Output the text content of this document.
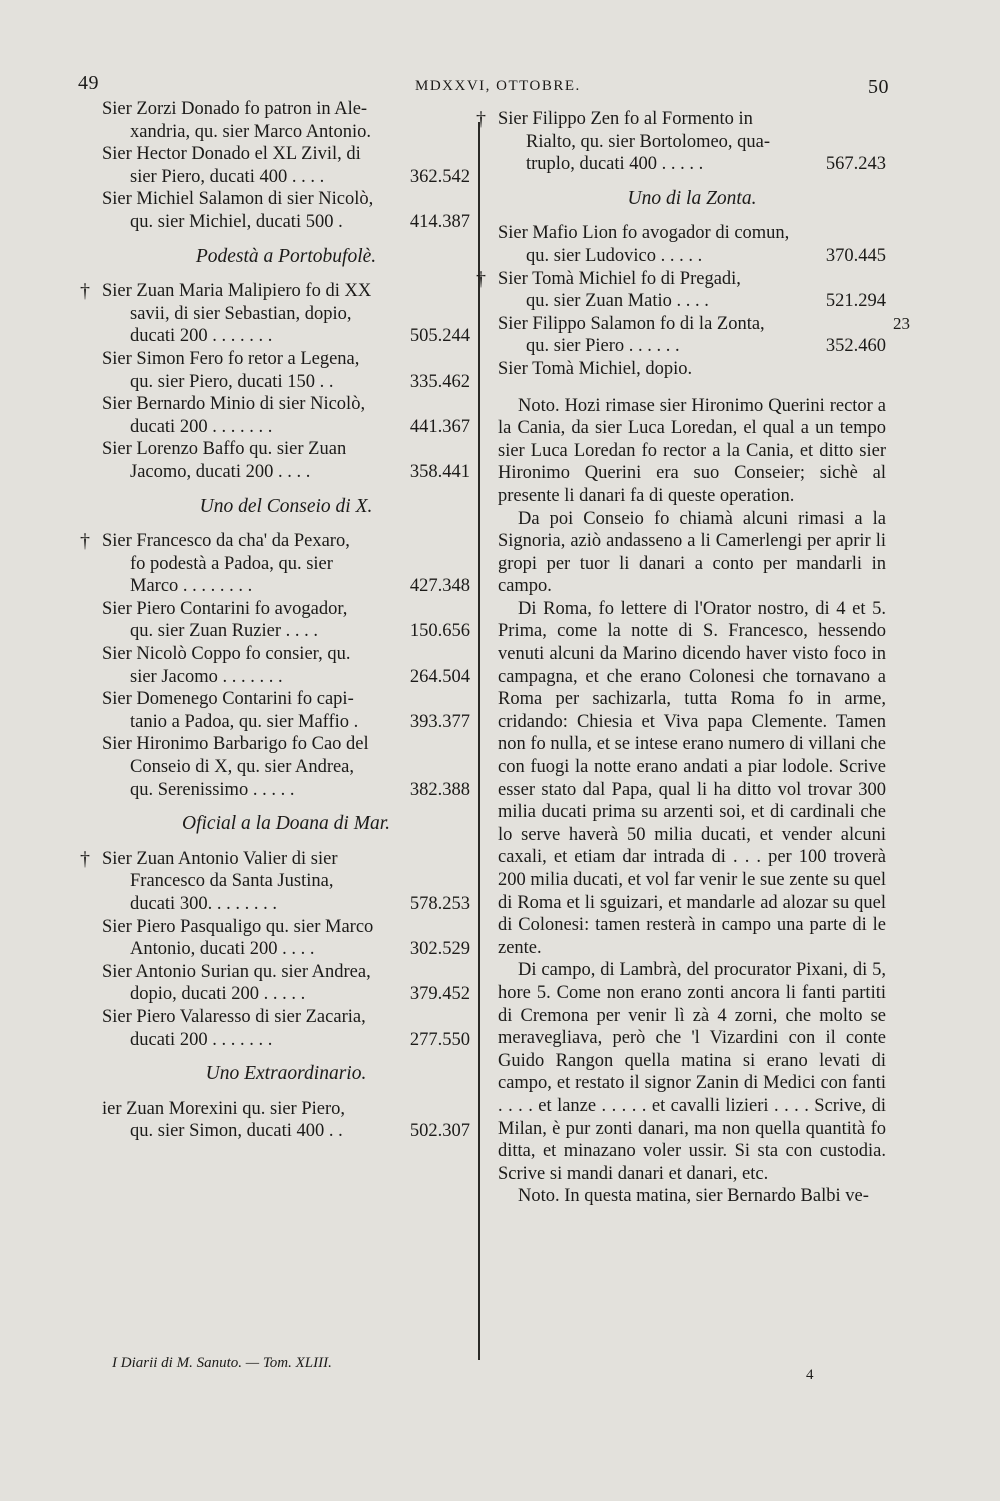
49	MDXXVI, OTTOBRE.	50
Sier Zorzi Donado fo patron in Ale-
xandria, qu. sier Marco Antonio.
Sier Hector Donado el XL Zivil, di
362.542
sier Piero, ducati 400 . . . .
Sier Michiel Salamon di sier Nicolò,
414.387
qu. sier Michiel, ducati 500 .

Podestà a Portobufolè.

† Sier Zuan Maria Malipiero fo di XX
savii, di sier Sebastian, dopio,
505.244
ducati 200 . . . . . . .
Sier Simon Fero fo retor a Legena,
335.462
qu. sier Piero, ducati 150 . .
Sier Bernardo Minio di sier Nicolò,
441.367
ducati 200 . . . . . . .
Sier Lorenzo Baffo qu. sier Zuan
358.441
Jacomo, ducati 200 . . . .

Uno del Conseio di X.

† Sier Francesco da cha' da Pexaro,
fo podestà a Padoa, qu. sier
427.348
Marco . . . . . . . .
Sier Piero Contarini fo avogador,
150.656
qu. sier Zuan Ruzier . . . .
Sier Nicolò Coppo fo consier, qu.
264.504
sier Jacomo . . . . . . .
Sier Domenego Contarini fo capi-
393.377
tanio a Padoa, qu. sier Maffio .
Sier Hironimo Barbarigo fo Cao del
Conseio di X, qu. sier Andrea,
382.388
qu. Serenissimo . . . . .

Oficial a la Doana di Mar.

† Sier Zuan Antonio Valier di sier
Francesco da Santa Justina,
578.253
ducati 300. . . . . . . .
Sier Piero Pasqualigo qu. sier Marco
302.529
Antonio, ducati 200 . . . .
Sier Antonio Surian qu. sier Andrea,
379.452
dopio, ducati 200 . . . . .
Sier Piero Valaresso di sier Zacaria,
277.550
ducati 200 . . . . . . .

Uno Extraordinario.

ier Zuan Morexini qu. sier Piero,
502.307
qu. sier Simon, ducati 400 . .
† Sier Filippo Zen fo al Formento in
Rialto, qu. sier Bortolomeo, qua-
567.243
truplo, ducati 400 . . . . .

Uno di la Zonta.

Sier Mafio Lion fo avogador di comun,
370.445
qu. sier Ludovico . . . . .
† Sier Tomà Michiel fo di Pregadi,
521.294
qu. sier Zuan Matio . . . .
Sier Filippo Salamon fo di la Zonta,
352.460
qu. sier Piero . . . . . .
Sier Tomà Michiel, dopio.

Noto. Hozi rimase sier Hironimo Querini rector a la Cania, da sier Luca Loredan, el qual a un tempo sier Luca Loredan fo rector a la Cania, et ditto sier Hironimo Querini era suo Conseier; sichè al presente li danari fa di queste operation.

Da poi Conseio fo chiamà alcuni rimasi a la Signoria, aziò andasseno a li Camerlengi per aprir li gropi per tuor li danari a conto per mandarli in campo.

Di Roma, fo lettere di l'Orator nostro, di 4 et 5. Prima, come la notte di S. Francesco, hessendo venuti alcuni da Marino dicendo haver visto foco in campagna, et che erano Colonesi che tornavano a Roma per sachizarla, tutta Roma fo in arme, cridando: Chiesia et Viva papa Clemente. Tamen non fo nulla, et se intese erano numero di villani che con fuogi la notte erano andati a piar lodole. Scrive esser stato dal Papa, qual li ha ditto vol trovar 300 milia ducati prima su arzenti soi, et di cardinali che lo serve haverà 50 milia ducati, et vender alcuni caxali, et etiam dar intrada di . . . per 100 troverà 200 milia ducati, et vol far venir le sue zente su quel di Roma et li sguizari, et mandarle ad alozar su quel di Colonesi: tamen resterà in campo una parte di le zente.

Di campo, di Lambrà, del procurator Pixani, di 5, hore 5. Come non erano zonti ancora li fanti partiti di Cremona per venir lì zà 4 zorni, che molto se meravegliava, però che 'l Vizardini con il conte Guido Rangon quella matina si erano levati di campo, et restato il signor Zanin di Medici con fanti . . . . et lanze . . . . . et cavalli lizieri . . . . Scrive, di Milan, è pur zonti danari, ma non quella quantità fo ditta, et minazano voler ussir. Si sta con custodia. Scrive si mandi danari et danari, etc.

Noto. In questa matina, sier Bernardo Balbi ve-

23
I Diarii di M. Sanuto. — Tom. XLIII.
4
